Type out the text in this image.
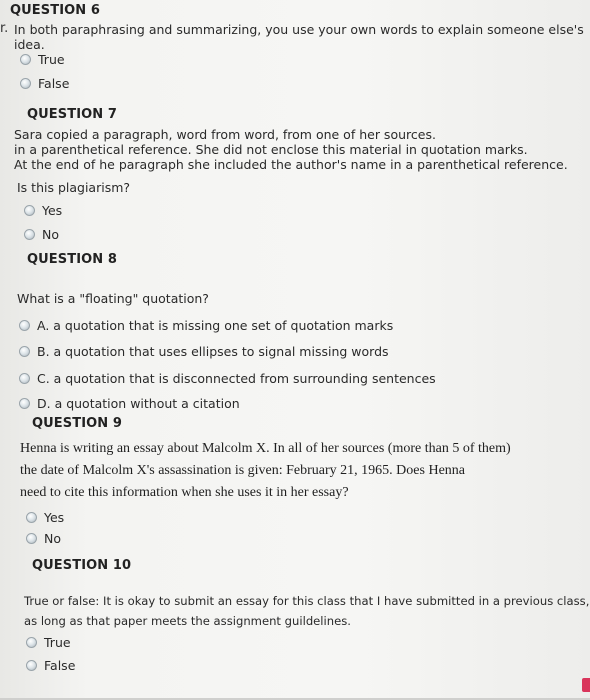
QUESTION 6
r. In both paraphrasing and summarizing, you use your own words to explain someone else's idea.
True
False
QUESTION 7
Sara copied a paragraph, word from word, from one of her sources.
in a parenthetical reference. She did not enclose this material in quotation marks.
At the end of he paragraph she included the author's name in a parenthetical reference.
Is this plagiarism?
Yes
No
QUESTION 8
What is a "floating" quotation?
A. a quotation that is missing one set of quotation marks
B. a quotation that uses ellipses to signal missing words
C. a quotation that is disconnected from surrounding sentences
D. a quotation without a citation
QUESTION 9
Henna is writing an essay about Malcolm X. In all of her sources (more than 5 of them)
the date of Malcolm X's assassination is given: February 21, 1965. Does Henna
need to cite this information when she uses it in her essay?
Yes
No
QUESTION 10
True or false: It is okay to submit an essay for this class that I have submitted in a previous class,
as long as that paper meets the assignment guildelines.
True
False
